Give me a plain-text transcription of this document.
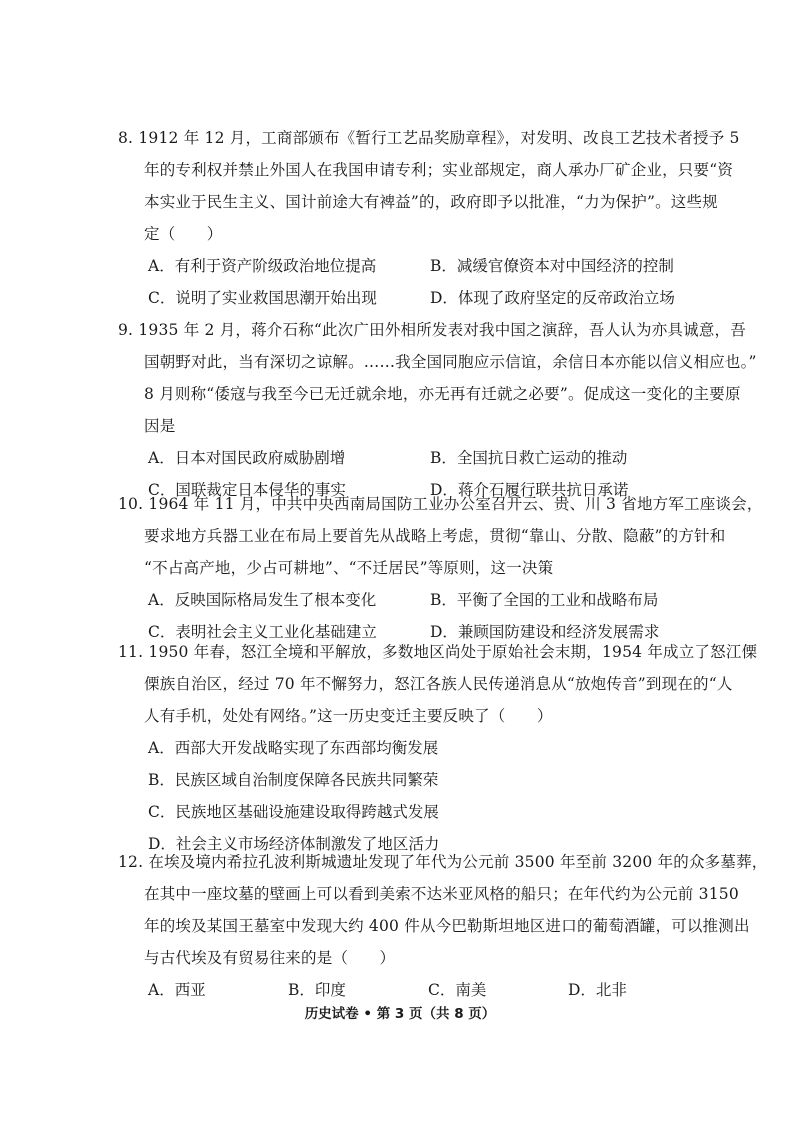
8. 1912 年 12 月，工商部颁布《暂行工艺品奖励章程》，对发明、改良工艺技术者授予 5
年的专利权并禁止外国人在我国申请专利；实业部规定，商人承办厂矿企业，只要“资
本实业于民生主义、国计前途大有裨益”的，政府即予以批准，“力为保护”。这些规
定（　　）
A．有利于资产阶级政治地位提高	B．减缓官僚资本对中国经济的控制
C．说明了实业救国思潮开始出现	D．体现了政府坚定的反帝政治立场
9. 1935 年 2 月，蒋介石称“此次广田外相所发表对我中国之演辞，吾人认为亦具诚意，吾
国朝野对此，当有深切之谅解。……我全国同胞应示信谊，余信日本亦能以信义相应也。”
8 月则称“倭寇与我至今已无迁就余地，亦无再有迁就之必要”。促成这一变化的主要原
因是
A．日本对国民政府威胁剧增	B．全国抗日救亡运动的推动
C．国联裁定日本侵华的事实	D．蒋介石履行联共抗日承诺
10. 1964 年 11 月，中共中央西南局国防工业办公室召开云、贵、川 3 省地方军工座谈会，
要求地方兵器工业在布局上要首先从战略上考虑，贯彻“靠山、分散、隐蔽”的方针和
“不占高产地，少占可耕地”、“不迁居民”等原则，这一决策
A．反映国际格局发生了根本变化	B．平衡了全国的工业和战略布局
C．表明社会主义工业化基础建立	D．兼顾国防建设和经济发展需求
11. 1950 年春，怒江全境和平解放，多数地区尚处于原始社会末期，1954 年成立了怒江傈
傈族自治区，经过 70 年不懈努力，怒江各族人民传递消息从“放炮传音”到现在的“人
人有手机，处处有网络。”这一历史变迁主要反映了（　　）
A．西部大开发战略实现了东西部均衡发展
B．民族区域自治制度保障各民族共同繁荣
C．民族地区基础设施建设取得跨越式发展
D．社会主义市场经济体制激发了地区活力
12. 在埃及境内希拉孔波利斯城遗址发现了年代为公元前 3500 年至前 3200 年的众多墓葬，
在其中一座坟墓的壁画上可以看到美索不达米亚风格的船只；在年代约为公元前 3150
年的埃及某国王墓室中发现大约 400 件从今巴勒斯坦地区进口的葡萄酒罐，可以推测出
与古代埃及有贸易往来的是（　　）
A．西亚	B．印度	C．南美	D．北非
历史试卷 • 第 3 页（共 8 页）
